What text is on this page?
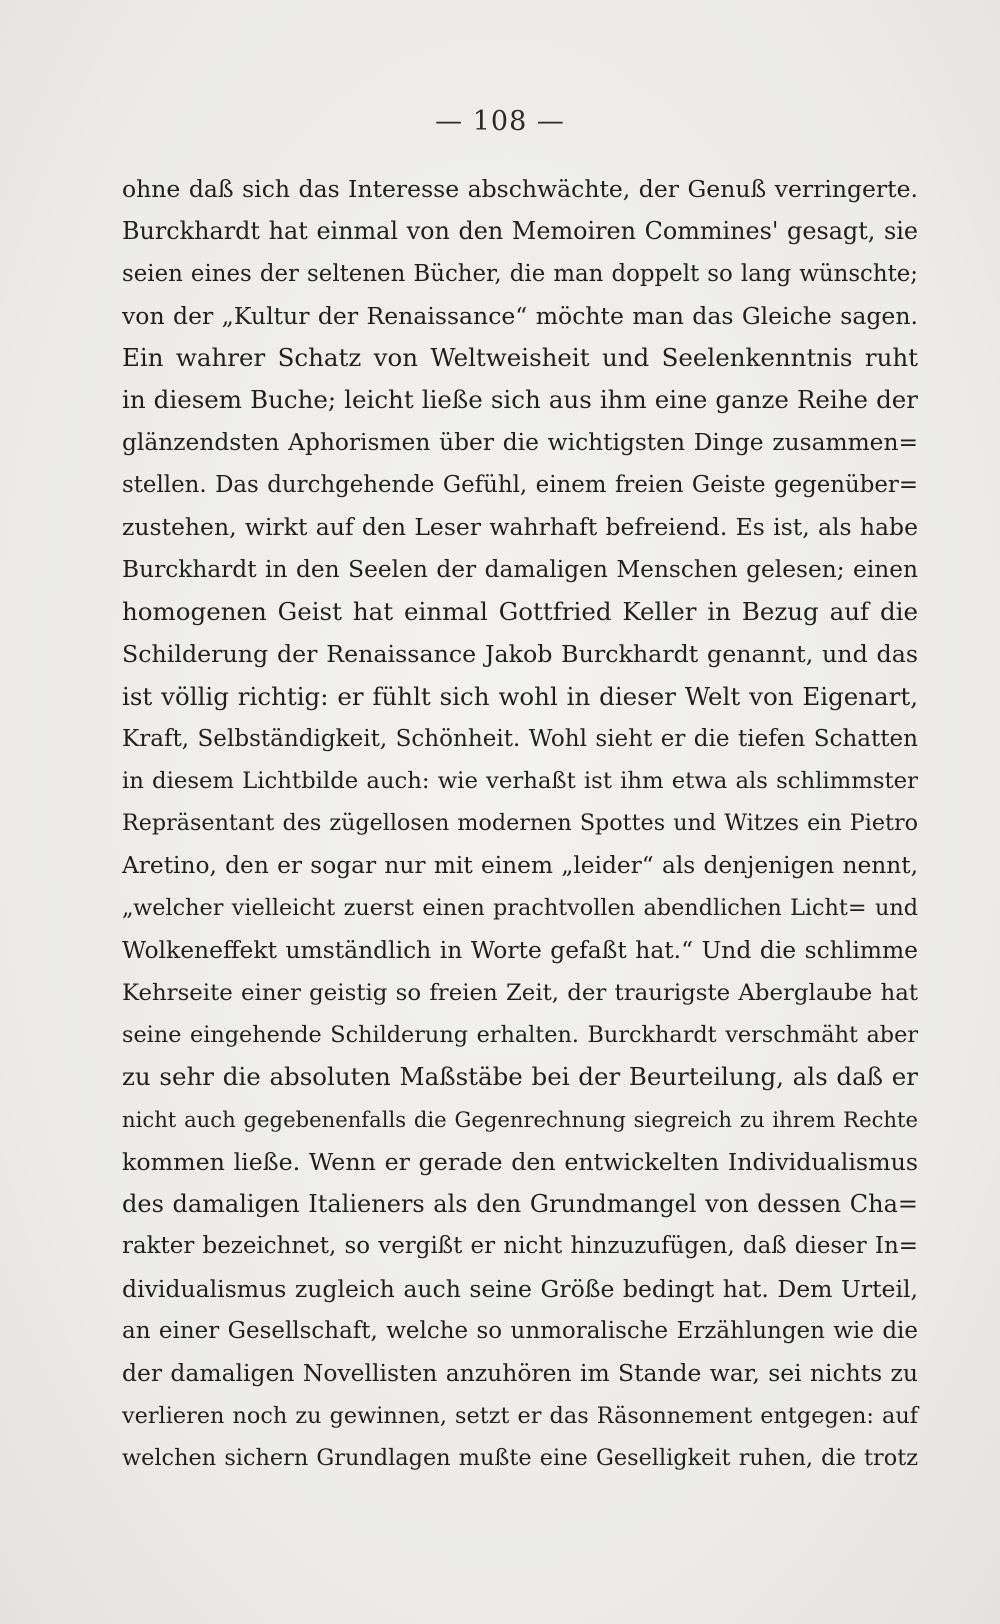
— 108 —
ohne daß sich das Interesse abschwächte, der Genuß verringerte.
Burckhardt hat einmal von den Memoiren Commines' gesagt, sie
seien eines der seltenen Bücher, die man doppelt so lang wünschte;
von der „Kultur der Renaissance“ möchte man das Gleiche sagen.
Ein wahrer Schatz von Weltweisheit und Seelenkenntnis ruht
in diesem Buche; leicht ließe sich aus ihm eine ganze Reihe der
glänzendsten Aphorismen über die wichtigsten Dinge zusammen=
stellen. Das durchgehende Gefühl, einem freien Geiste gegenüber=
zustehen, wirkt auf den Leser wahrhaft befreiend. Es ist, als habe
Burckhardt in den Seelen der damaligen Menschen gelesen; einen
homogenen Geist hat einmal Gottfried Keller in Bezug auf die
Schilderung der Renaissance Jakob Burckhardt genannt, und das
ist völlig richtig: er fühlt sich wohl in dieser Welt von Eigenart,
Kraft, Selbständigkeit, Schönheit. Wohl sieht er die tiefen Schatten
in diesem Lichtbilde auch: wie verhaßt ist ihm etwa als schlimmster
Repräsentant des zügellosen modernen Spottes und Witzes ein Pietro
Aretino, den er sogar nur mit einem „leider“ als denjenigen nennt,
„welcher vielleicht zuerst einen prachtvollen abendlichen Licht= und
Wolkeneffekt umständlich in Worte gefaßt hat.“ Und die schlimme
Kehrseite einer geistig so freien Zeit, der traurigste Aberglaube hat
seine eingehende Schilderung erhalten. Burckhardt verschmäht aber
zu sehr die absoluten Maßstäbe bei der Beurteilung, als daß er
nicht auch gegebenenfalls die Gegenrechnung siegreich zu ihrem Rechte
kommen ließe. Wenn er gerade den entwickelten Individualismus
des damaligen Italieners als den Grundmangel von dessen Cha=
rakter bezeichnet, so vergißt er nicht hinzuzufügen, daß dieser In=
dividualismus zugleich auch seine Größe bedingt hat. Dem Urteil,
an einer Gesellschaft, welche so unmoralische Erzählungen wie die
der damaligen Novellisten anzuhören im Stande war, sei nichts zu
verlieren noch zu gewinnen, setzt er das Räsonnement entgegen: auf
welchen sichern Grundlagen mußte eine Geselligkeit ruhen, die trotz
